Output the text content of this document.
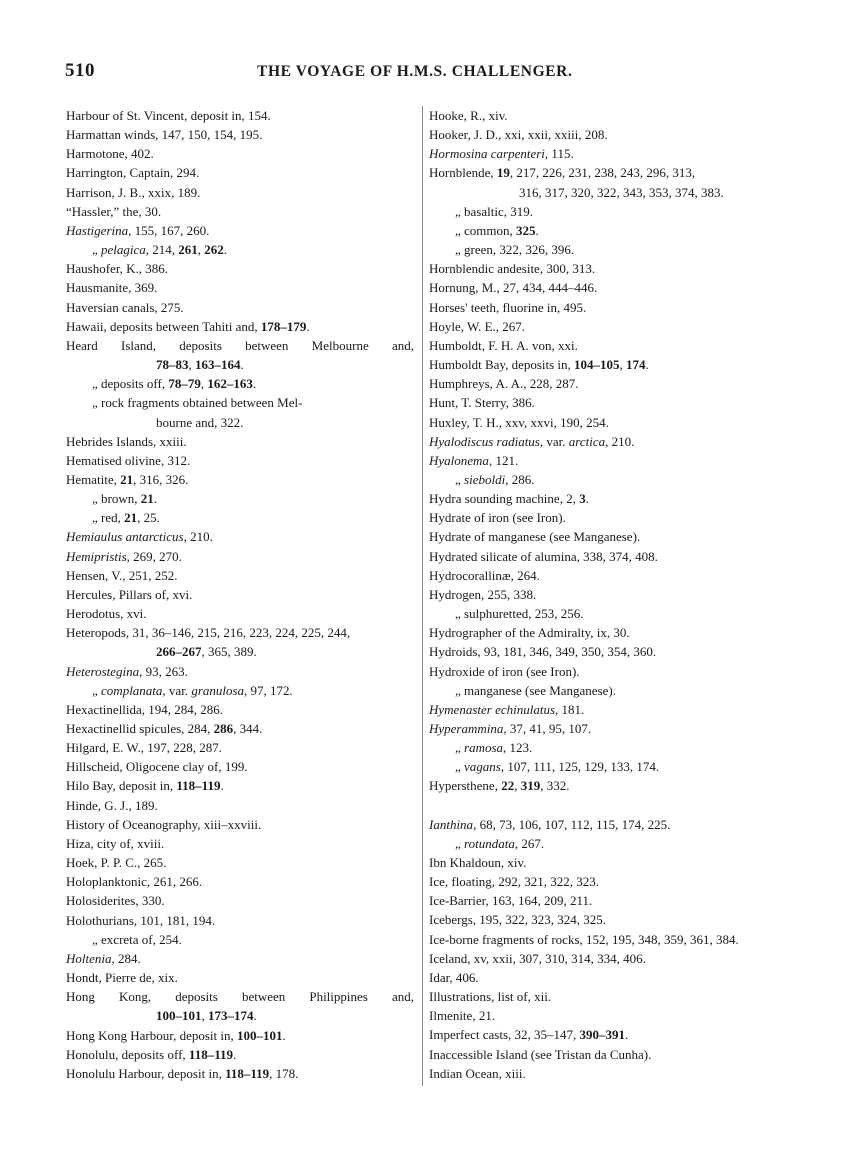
510	THE VOYAGE OF H.M.S. CHALLENGER.
Harbour of St. Vincent, deposit in, 154.
Harmattan winds, 147, 150, 154, 195.
Harmotone, 402.
Harrington, Captain, 294.
Harrison, J. B., xxix, 189.
“Hassler,” the, 30.
Hastigerina, 155, 167, 260.
„ pelagica, 214, 261, 262.
Haushofer, K., 386.
Hausmanite, 369.
Haversian canals, 275.
Hawaii, deposits between Tahiti and, 178–179.
Heard Island, deposits between Melbourne and,
78–83, 163–164.
„ deposits off, 78–79, 162–163.
„ rock fragments obtained between Mel-
bourne and, 322.
Hebrides Islands, xxiii.
Hematised olivine, 312.
Hematite, 21, 316, 326.
„ brown, 21.
„ red, 21, 25.
Hemiaulus antarcticus, 210.
Hemipristis, 269, 270.
Hensen, V., 251, 252.
Hercules, Pillars of, xvi.
Herodotus, xvi.
Heteropods, 31, 36–146, 215, 216, 223, 224, 225, 244,
266–267, 365, 389.
Heterostegina, 93, 263.
„ complanata, var. granulosa, 97, 172.
Hexactinellida, 194, 284, 286.
Hexactinellid spicules, 284, 286, 344.
Hilgard, E. W., 197, 228, 287.
Hillscheid, Oligocene clay of, 199.
Hilo Bay, deposit in, 118–119.
Hinde, G. J., 189.
History of Oceanography, xiii–xxviii.
Hiza, city of, xviii.
Hoek, P. P. C., 265.
Holoplanktonic, 261, 266.
Holosiderites, 330.
Holothurians, 101, 181, 194.
„ excreta of, 254.
Holtenia, 284.
Hondt, Pierre de, xix.
Hong Kong, deposits between Philippines and,
100–101, 173–174.
Hong Kong Harbour, deposit in, 100–101.
Honolulu, deposits off, 118–119.
Honolulu Harbour, deposit in, 118–119, 178.
Hooke, R., xiv.
Hooker, J. D., xxi, xxii, xxiii, 208.
Hormosina carpenteri, 115.
Hornblende, 19, 217, 226, 231, 238, 243, 296, 313,
316, 317, 320, 322, 343, 353, 374, 383.
„ basaltic, 319.
„ common, 325.
„ green, 322, 326, 396.
Hornblendic andesite, 300, 313.
Hornung, M., 27, 434, 444–446.
Horses' teeth, fluorine in, 495.
Hoyle, W. E., 267.
Humboldt, F. H. A. von, xxi.
Humboldt Bay, deposits in, 104–105, 174.
Humphreys, A. A., 228, 287.
Hunt, T. Sterry, 386.
Huxley, T. H., xxv, xxvi, 190, 254.
Hyalodiscus radiatus, var. arctica, 210.
Hyalonema, 121.
„ sieboldi, 286.
Hydra sounding machine, 2, 3.
Hydrate of iron (see Iron).
Hydrate of manganese (see Manganese).
Hydrated silicate of alumina, 338, 374, 408.
Hydrocorallinæ, 264.
Hydrogen, 255, 338.
„ sulphuretted, 253, 256.
Hydrographer of the Admiralty, ix, 30.
Hydroids, 93, 181, 346, 349, 350, 354, 360.
Hydroxide of iron (see Iron).
„ manganese (see Manganese).
Hymenaster echinulatus, 181.
Hyperammina, 37, 41, 95, 107.
„ ramosa, 123.
„ vagans, 107, 111, 125, 129, 133, 174.
Hypersthene, 22, 319, 332.
Ianthina, 68, 73, 106, 107, 112, 115, 174, 225.
„ rotundata, 267.
Ibn Khaldoun, xiv.
Ice, floating, 292, 321, 322, 323.
Ice-Barrier, 163, 164, 209, 211.
Icebergs, 195, 322, 323, 324, 325.
Ice-borne fragments of rocks, 152, 195, 348, 359, 361, 384.
Iceland, xv, xxii, 307, 310, 314, 334, 406.
Idar, 406.
Illustrations, list of, xii.
Ilmenite, 21.
Imperfect casts, 32, 35–147, 390–391.
Inaccessible Island (see Tristan da Cunha).
Indian Ocean, xiii.
